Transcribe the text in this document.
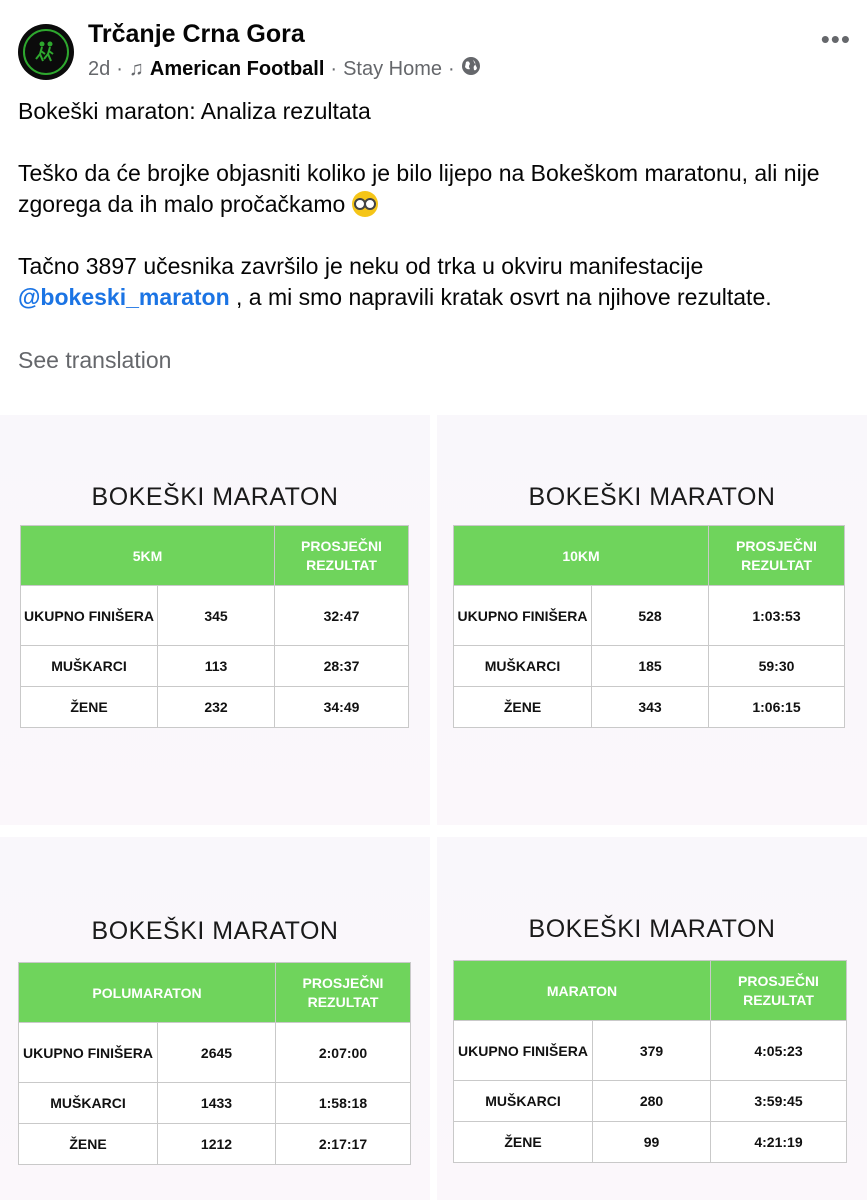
Trčanje Crna Gora
2d · ♫ American Football · Stay Home ·
•••

Bokeški maraton: Analiza rezultata

Teško da će brojke objasniti koliko je bilo lijepo na Bokeškom maratonu, ali nije zgorega da ih malo pročačkamo

Tačno 3897 učesnika završilo je neku od trka u okviru manifestacije @bokeski_maraton , a mi smo napravili kratak osvrt na njihove rezultate.

See translation
BOKEŠKI MARATON
5KM		PROSJEČNI REZULTAT
UKUPNO FINIŠERA	345	32:47
MUŠKARCI	113	28:37
ŽENE	232	34:49
BOKEŠKI MARATON
10KM		PROSJEČNI REZULTAT
UKUPNO FINIŠERA	528	1:03:53
MUŠKARCI	185	59:30
ŽENE	343	1:06:15
BOKEŠKI MARATON
POLUMARATON		PROSJEČNI REZULTAT
UKUPNO FINIŠERA	2645	2:07:00
MUŠKARCI	1433	1:58:18
ŽENE	1212	2:17:17
BOKEŠKI MARATON
MARATON		PROSJEČNI REZULTAT
UKUPNO FINIŠERA	379	4:05:23
MUŠKARCI	280	3:59:45
ŽENE	99	4:21:19
